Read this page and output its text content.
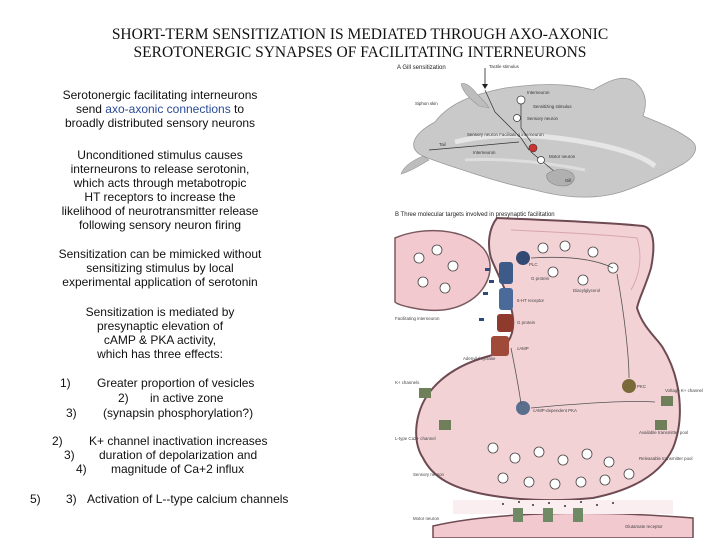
SHORT-TERM SENSITIZATION IS MEDIATED THROUGH AXO-AXONIC
SEROTONERGIC SYNAPSES OF FACILITATING INTERNEURONS
Serotonergic facilitating interneurons
send axo-axonic connections to
broadly distributed sensory neurons
Unconditioned stimulus causes
interneurons to release serotonin,
which acts through metabotropic
HT receptors to increase the
likelihood of neurotransmitter release
following sensory neuron firing
Sensitization can be mimicked without
sensitizing stimulus by local
experimental application of serotonin
Sensitization is mediated by
presynaptic elevation of
cAMP & PKA activity,
which has three effects:
1) Greater proportion of vesicles
2) in active zone
3) (synapsin phosphorylation?)
2) K+ channel inactivation increases
3) duration of depolarization and
4) magnitude of Ca+2 influx
5) 3) Activation of L--type calcium channels
A Gill sensitization	Tactile stimulus
Siphon skin
Sensitizing stimulus
Interneuron
Sensory neuron
Sensory neuron Facilitating interneuron
Motor neuron
Interneuron
Tail
Gill
B Three molecular targets involved in presynaptic facilitation
PLC
G protein
5-HT receptor
G protein
cAMP
Adenylyl cyclase
cAMP-dependent PKA
PKC
K+ channels
Facilitating interneuron
L-type Ca2+ channel
Voltage K+ channel
Available transmitter pool
Releasable transmitter pool
Sensory neuron
Motor neuron
Glutamate receptor
Diacylglycerol
